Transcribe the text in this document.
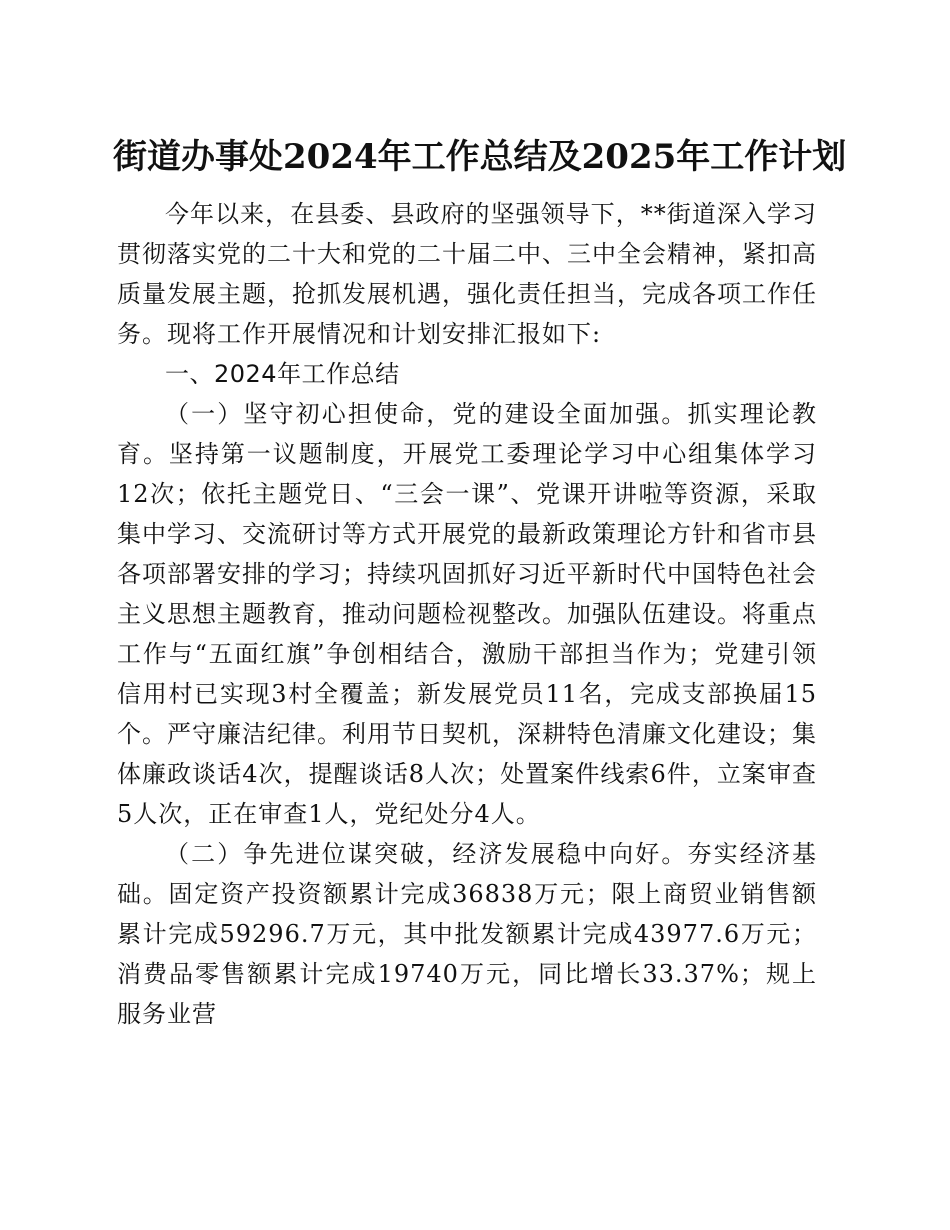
街道办事处2024年工作总结及2025年工作计划

今年以来，在县委、县政府的坚强领导下，**街道深入学习贯彻落实党的二十大和党的二十届二中、三中全会精神，紧扣高质量发展主题，抢抓发展机遇，强化责任担当，完成各项工作任务。现将工作开展情况和计划安排汇报如下:

一、2024年工作总结

（一）坚守初心担使命，党的建设全面加强。抓实理论教育。坚持第一议题制度，开展党工委理论学习中心组集体学习12次；依托主题党日、“三会一课”、党课开讲啦等资源，采取集中学习、交流研讨等方式开展党的最新政策理论方针和省市县各项部署安排的学习；持续巩固抓好习近平新时代中国特色社会主义思想主题教育，推动问题检视整改。加强队伍建设。将重点工作与“五面红旗”争创相结合，激励干部担当作为；党建引领信用村已实现3村全覆盖；新发展党员11名，完成支部换届15个。严守廉洁纪律。利用节日契机，深耕特色清廉文化建设；集体廉政谈话4次，提醒谈话8人次；处置案件线索6件，立案审查5人次，正在审查1人，党纪处分4人。

（二）争先进位谋突破，经济发展稳中向好。夯实经济基础。固定资产投资额累计完成36838万元；限上商贸业销售额累计完成59296.7万元，其中批发额累计完成43977.6万元；消费品零售额累计完成19740万元，同比增长33.37%；规上服务业营
